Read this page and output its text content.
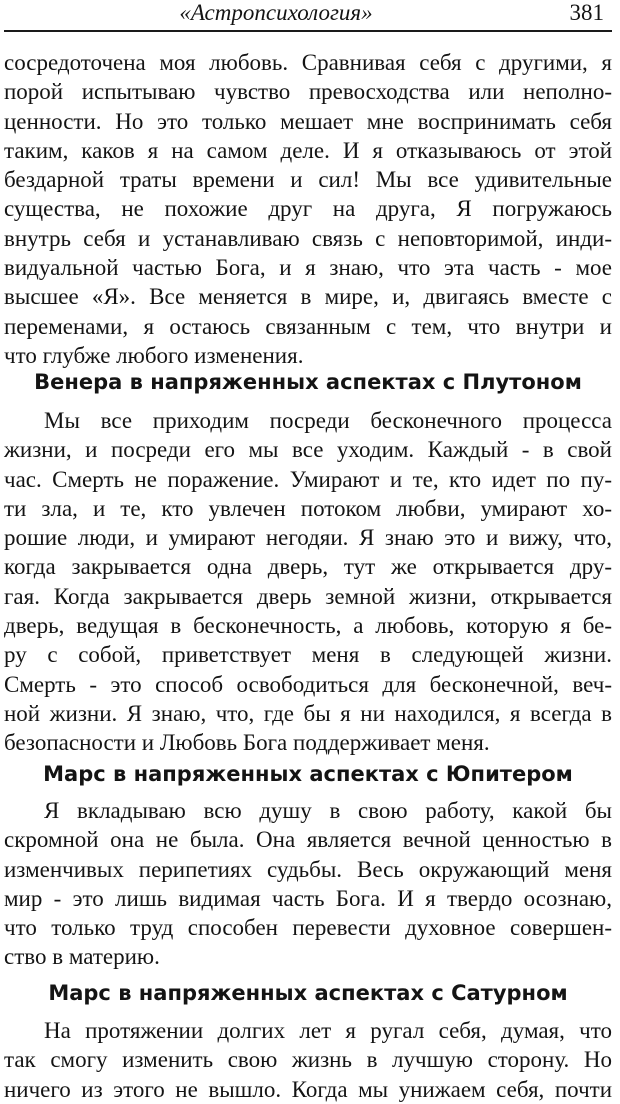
«Астропсихология»	381
сосредоточена моя любовь. Сравнивая себя с другими, я
порой испытываю чувство превосходства или неполно-
ценности. Но это только мешает мне воспринимать себя
таким, каков я на самом деле. И я отказываюсь от этой
бездарной траты времени и сил! Мы все удивительные
существа, не похожие друг на друга, Я погружаюсь
внутрь себя и устанавливаю связь с неповторимой, инди-
видуальной частью Бога, и я знаю, что эта часть - мое
высшее «Я». Все меняется в мире, и, двигаясь вместе с
переменами, я остаюсь связанным с тем, что внутри и
что глубже любого изменения.
Венера в напряженных аспектах с Плутоном
Мы все приходим посреди бесконечного процесса
жизни, и посреди его мы все уходим. Каждый - в свой
час. Смерть не поражение. Умирают и те, кто идет по пу-
ти зла, и те, кто увлечен потоком любви, умирают хо-
рошие люди, и умирают негодяи. Я знаю это и вижу, что,
когда закрывается одна дверь, тут же открывается дру-
гая. Когда закрывается дверь земной жизни, открывается
дверь, ведущая в бесконечность, а любовь, которую я бе-
ру с собой, приветствует меня в следующей жизни.
Смерть - это способ освободиться для бесконечной, веч-
ной жизни. Я знаю, что, где бы я ни находился, я всегда в
безопасности и Любовь Бога поддерживает меня.
Марс в напряженных аспектах с Юпитером
Я вкладываю всю душу в свою работу, какой бы
скромной она не была. Она является вечной ценностью в
изменчивых перипетиях судьбы. Весь окружающий меня
мир - это лишь видимая часть Бога. И я твердо осознаю,
что только труд способен перевести духовное совершен-
ство в материю.
Марс в напряженных аспектах с Сатурном
На протяжении долгих лет я ругал себя, думая, что
так смогу изменить свою жизнь в лучшую сторону. Но
ничего из этого не вышло. Когда мы унижаем себя, почти
